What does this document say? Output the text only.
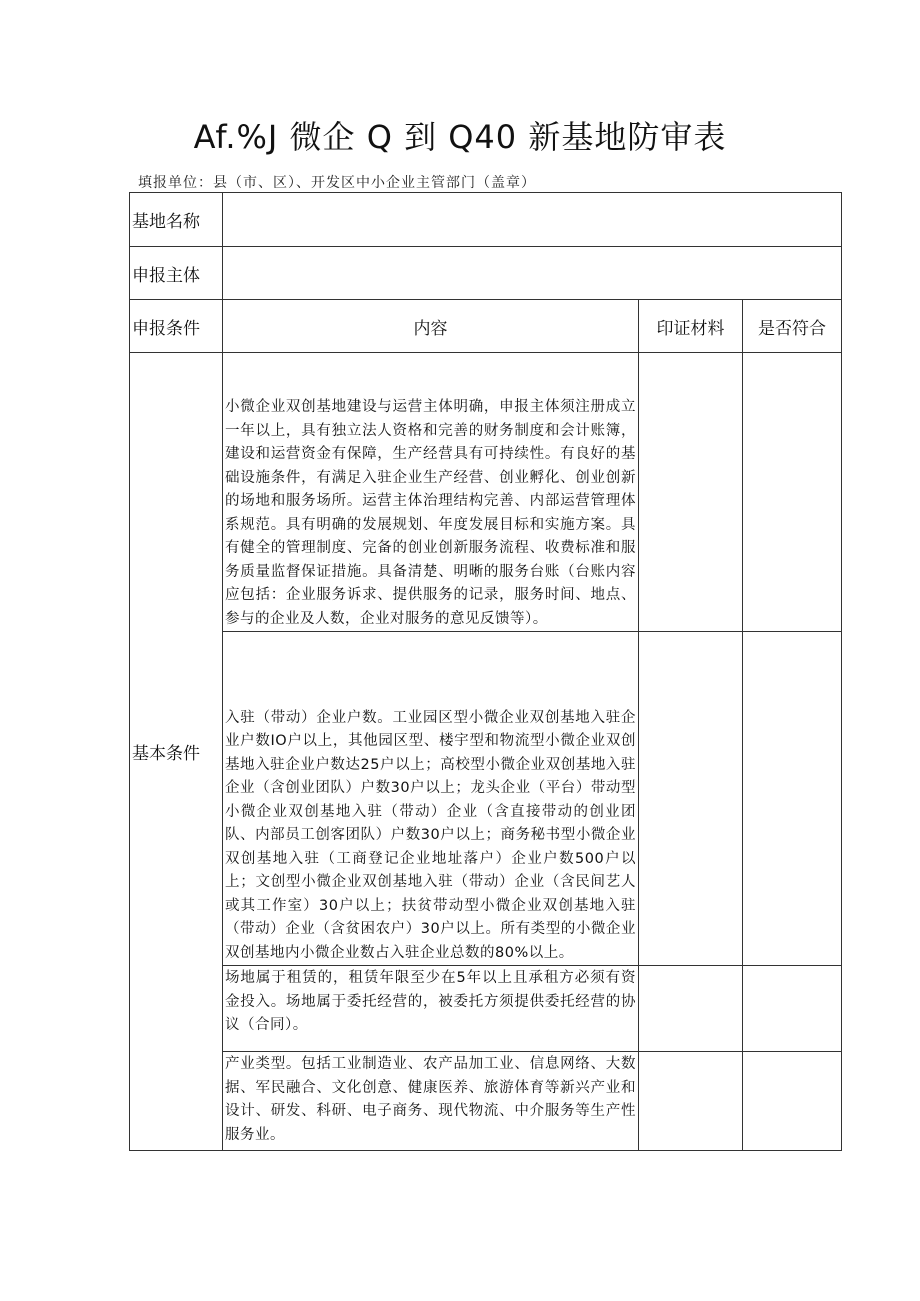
Af.%J 微企 Q 到 Q40 新基地防审表
填报单位：县（市、区）、开发区中小企业主管部门（盖章）
基地名称			
申报主体			
申报条件	内容	印证材料	是否符合
基本条件	小微企业双创基地建设与运营主体明确，申报主体须注册成立一年以上，具有独立法人资格和完善的财务制度和会计账簿，建设和运营资金有保障，生产经营具有可持续性。有良好的基础设施条件，有满足入驻企业生产经营、创业孵化、创业创新的场地和服务场所。运营主体治理结构完善、内部运营管理体系规范。具有明确的发展规划、年度发展目标和实施方案。具有健全的管理制度、完备的创业创新服务流程、收费标准和服务质量监督保证措施。具备清楚、明晰的服务台账（台账内容应包括：企业服务诉求、提供服务的记录，服务时间、地点、参与的企业及人数，企业对服务的意见反馈等）。		
	入驻（带动）企业户数。工业园区型小微企业双创基地入驻企业户数IO户以上，其他园区型、楼宇型和物流型小微企业双创基地入驻企业户数达25户以上；高校型小微企业双创基地入驻企业（含创业团队）户数30户以上；龙头企业（平台）带动型小微企业双创基地入驻（带动）企业（含直接带动的创业团队、内部员工创客团队）户数30户以上；商务秘书型小微企业双创基地入驻（工商登记企业地址落户）企业户数500户以上；文创型小微企业双创基地入驻（带动）企业（含民间艺人或其工作室）30户以上；扶贫带动型小微企业双创基地入驻（带动）企业（含贫困农户）30户以上。所有类型的小微企业双创基地内小微企业数占入驻企业总数的80%以上。		
	场地属于租赁的，租赁年限至少在5年以上且承租方必须有资金投入。场地属于委托经营的，被委托方须提供委托经营的协议（合同）。		
	产业类型。包括工业制造业、农产品加工业、信息网络、大数据、军民融合、文化创意、健康医养、旅游体育等新兴产业和设计、研发、科研、电子商务、现代物流、中介服务等生产性服务业。		
